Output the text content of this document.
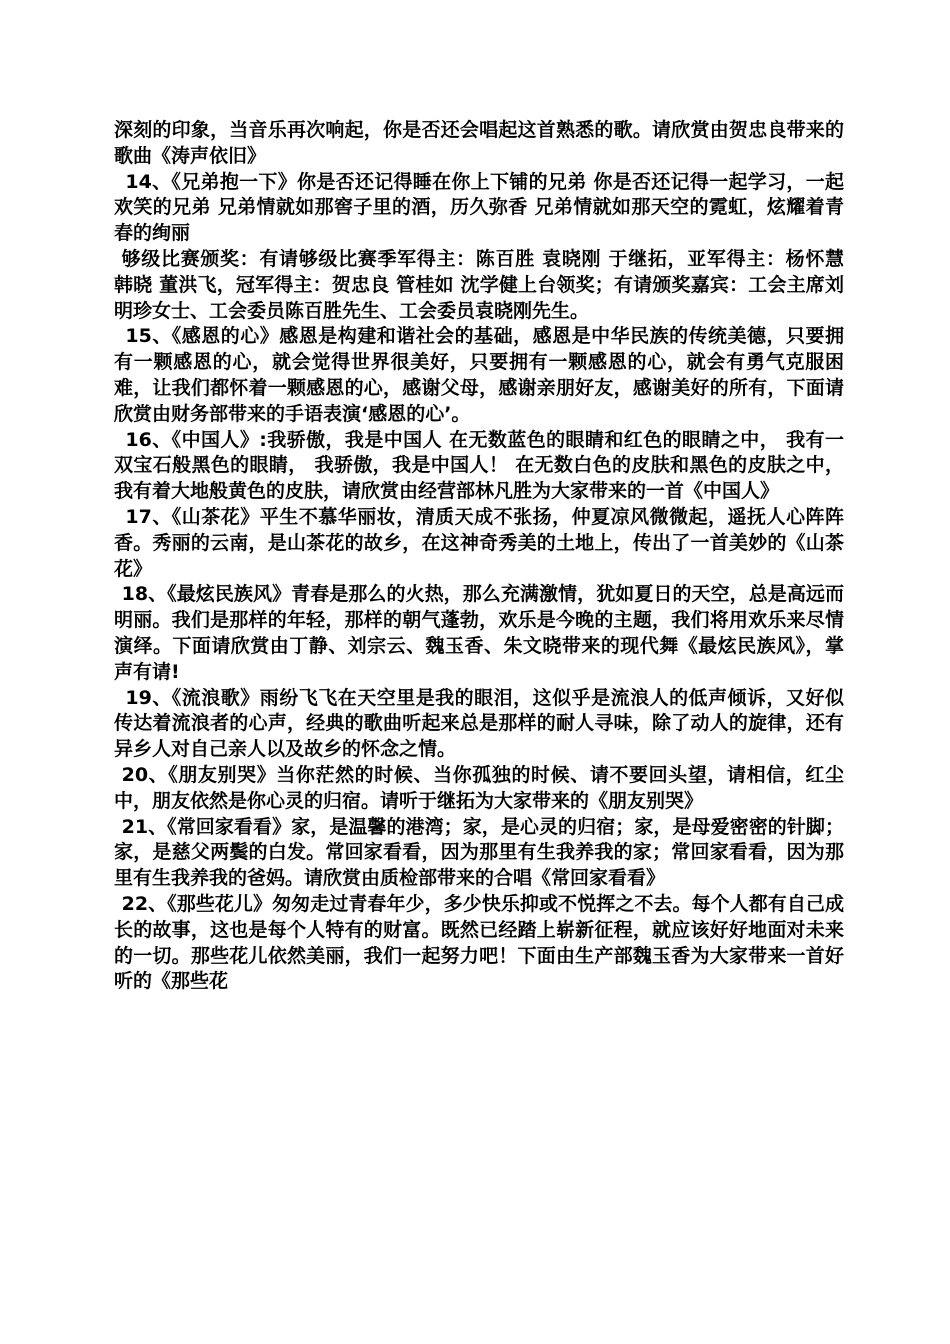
深刻的印象，当音乐再次响起，你是否还会唱起这首熟悉的歌。请欣赏由贺忠良带来的歌曲《涛声依旧》

14、《兄弟抱一下》你是否还记得睡在你上下铺的兄弟 你是否还记得一起学习，一起欢笑的兄弟 兄弟情就如那窖子里的酒，历久弥香 兄弟情就如那天空的霓虹，炫耀着青春的绚丽

够级比赛颁奖：有请够级比赛季军得主：陈百胜 袁晓刚 于继拓，亚军得主：杨怀慧 韩晓 董洪飞，冠军得主：贺忠良 管桂如 沈学健上台领奖；有请颁奖嘉宾：工会主席刘明珍女士、工会委员陈百胜先生、工会委员袁晓刚先生。

15、《感恩的心》感恩是构建和谐社会的基础，感恩是中华民族的传统美德，只要拥有一颗感恩的心，就会觉得世界很美好，只要拥有一颗感恩的心，就会有勇气克服困难，让我们都怀着一颗感恩的心，感谢父母，感谢亲朋好友，感谢美好的所有，下面请欣赏由财务部带来的手语表演‘感恩的心’。

16、《中国人》:我骄傲，我是中国人 在无数蓝色的眼睛和红色的眼睛之中， 我有一双宝石般黑色的眼睛， 我骄傲，我是中国人！ 在无数白色的皮肤和黑色的皮肤之中， 我有着大地般黄色的皮肤，请欣赏由经营部林凡胜为大家带来的一首《中国人》

17、《山茶花》平生不慕华丽妆，清质天成不张扬，仲夏凉风微微起，遥抚人心阵阵香。秀丽的云南，是山茶花的故乡，在这神奇秀美的土地上，传出了一首美妙的《山茶花》

18、《最炫民族风》青春是那么的火热，那么充满激情，犹如夏日的天空，总是高远而明丽。我们是那样的年轻，那样的朝气蓬勃，欢乐是今晚的主题，我们将用欢乐来尽情演绎。下面请欣赏由丁静、刘宗云、魏玉香、朱文晓带来的现代舞《最炫民族风》，掌声有请!

19、《流浪歌》雨纷飞飞在天空里是我的眼泪，这似乎是流浪人的低声倾诉，又好似传达着流浪者的心声，经典的歌曲听起来总是那样的耐人寻味，除了动人的旋律，还有异乡人对自己亲人以及故乡的怀念之情。

20、《朋友别哭》当你茫然的时候、当你孤独的时候、请不要回头望，请相信，红尘中，朋友依然是你心灵的归宿。请听于继拓为大家带来的《朋友别哭》

21、《常回家看看》家，是温馨的港湾；家，是心灵的归宿；家，是母爱密密的针脚；家，是慈父两鬓的白发。常回家看看，因为那里有生我养我的家；常回家看看，因为那里有生我养我的爸妈。请欣赏由质检部带来的合唱《常回家看看》

22、《那些花儿》匆匆走过青春年少，多少快乐抑或不悦挥之不去。每个人都有自己成长的故事，这也是每个人特有的财富。既然已经踏上崭新征程，就应该好好地面对未来的一切。那些花儿依然美丽，我们一起努力吧！下面由生产部魏玉香为大家带来一首好听的《那些花
